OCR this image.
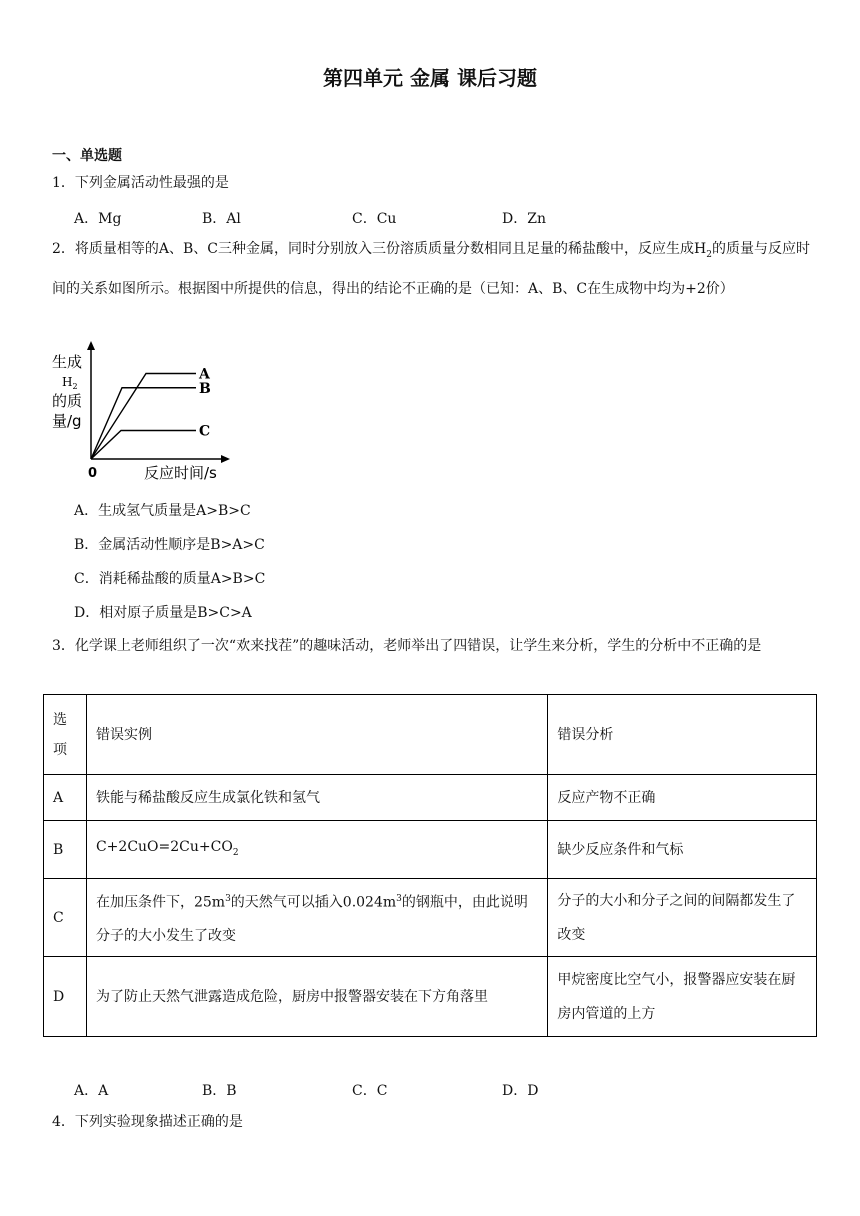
第四单元 金属 课后习题
一、单选题
1．下列金属活动性最强的是
A．Mg	B．Al	C．Cu	D．Zn
2．将质量相等的A、B、C三种金属，同时分别放入三份溶质质量分数相同且足量的稀盐酸中，反应生成$H_2$的质量与反应时间的关系如图所示。根据图中所提供的信息，得出的结论不正确的是（已知：A、B、C在生成物中均为+2价）
生成
$H_2$
的质
量/g
A
B
C
0	反应时间/s
A．生成氢气质量是A>B>C
B．金属活动性顺序是B>A>C
C．消耗稀盐酸的质量A>B>C
D．相对原子质量是B>C>A
3．化学课上老师组织了一次“欢来找茬”的趣味活动，老师举出了四错误，让学生来分析，学生的分析中不正确的是
选项	错误实例	错误分析
A	铁能与稀盐酸反应生成氯化铁和氢气	反应产物不正确
B	$C+2CuO=2Cu+CO_2$	缺少反应条件和气标
C	在加压条件下，$25m^3$的天然气可以插入$0.024m^3$的钢瓶中，由此说明分子的大小发生了改变	分子的大小和分子之间的间隔都发生了改变
D	为了防止天然气泄露造成危险，厨房中报警器安装在下方角落里	甲烷密度比空气小，报警器应安装在厨房内管道的上方
A．A	B．B	C．C	D．D
4．下列实验现象描述正确的是
